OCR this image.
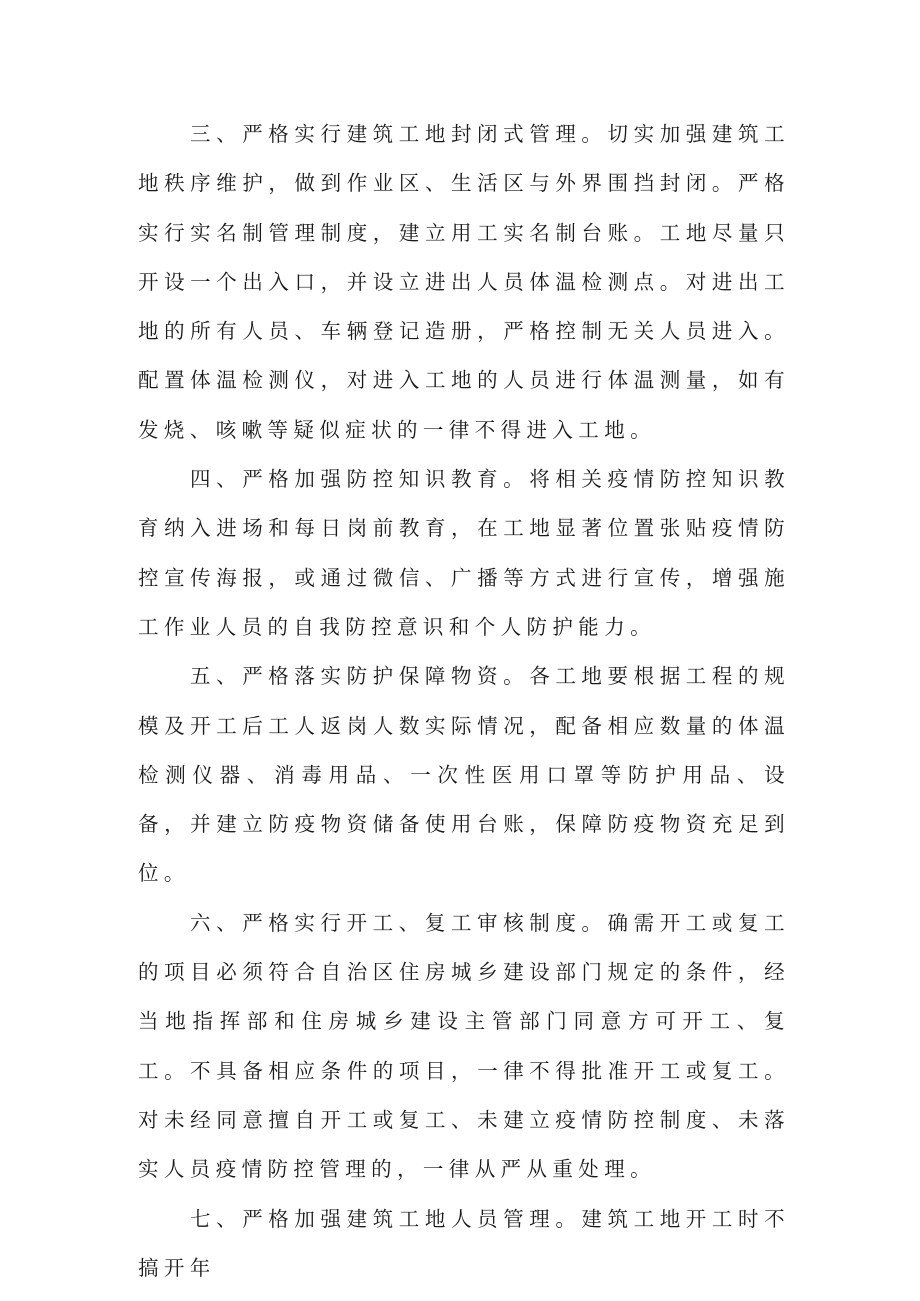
三、严格实行建筑工地封闭式管理。切实加强建筑工地秩序维护，做到作业区、生活区与外界围挡封闭。严格实行实名制管理制度，建立用工实名制台账。工地尽量只开设一个出入口，并设立进出人员体温检测点。对进出工地的所有人员、车辆登记造册，严格控制无关人员进入。配置体温检测仪，对进入工地的人员进行体温测量，如有发烧、咳嗽等疑似症状的一律不得进入工地。

四、严格加强防控知识教育。将相关疫情防控知识教育纳入进场和每日岗前教育，在工地显著位置张贴疫情防控宣传海报，或通过微信、广播等方式进行宣传，增强施工作业人员的自我防控意识和个人防护能力。

五、严格落实防护保障物资。各工地要根据工程的规模及开工后工人返岗人数实际情况，配备相应数量的体温检测仪器、消毒用品、一次性医用口罩等防护用品、设备，并建立防疫物资储备使用台账，保障防疫物资充足到位。

六、严格实行开工、复工审核制度。确需开工或复工的项目必须符合自治区住房城乡建设部门规定的条件，经当地指挥部和住房城乡建设主管部门同意方可开工、复工。不具备相应条件的项目，一律不得批准开工或复工。对未经同意擅自开工或复工、未建立疫情防控制度、未落实人员疫情防控管理的，一律从严从重处理。

七、严格加强建筑工地人员管理。建筑工地开工时不搞开年
